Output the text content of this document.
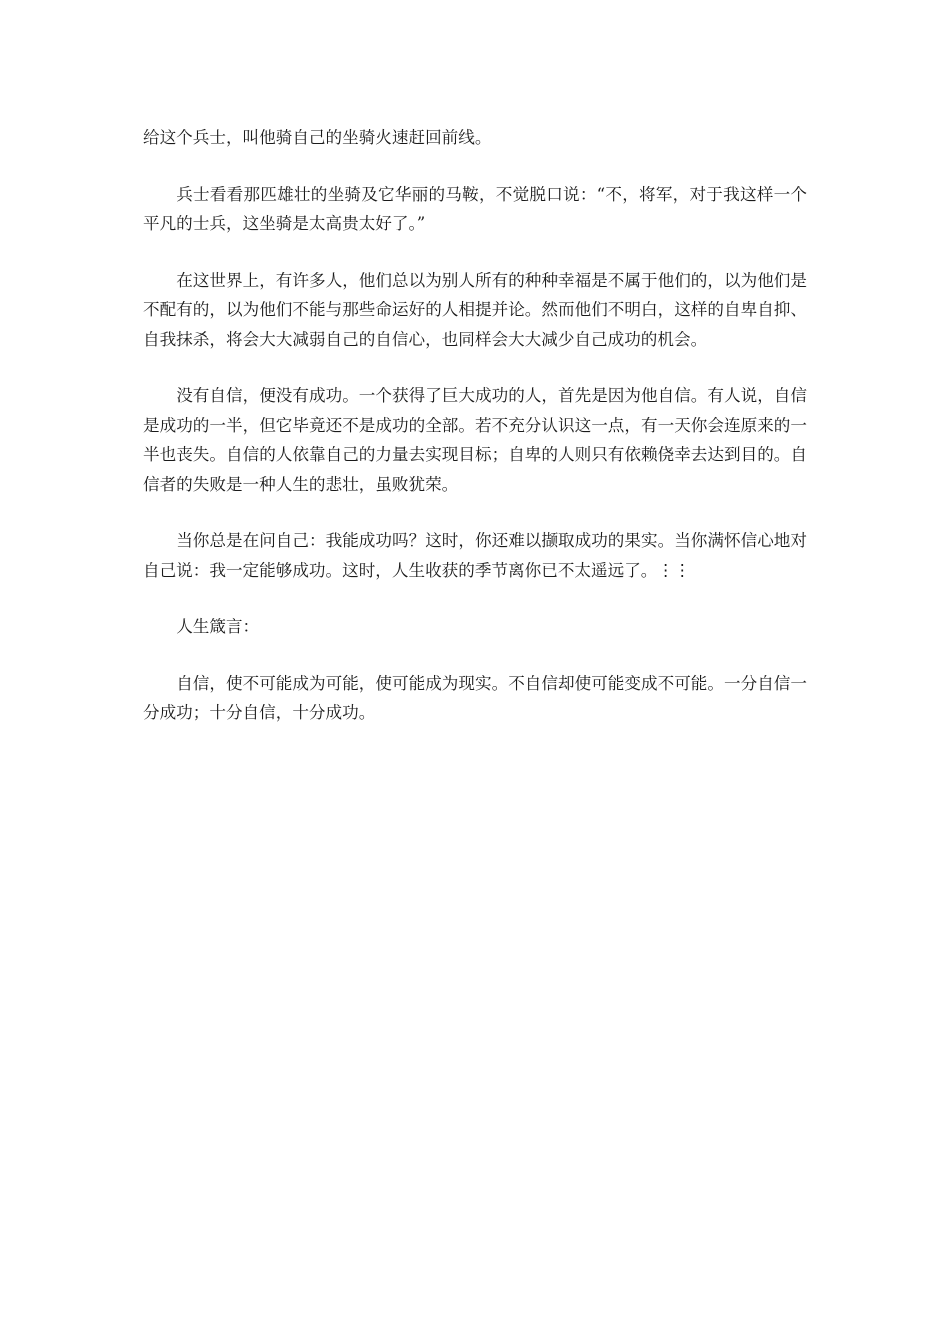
给这个兵士，叫他骑自己的坐骑火速赶回前线。

兵士看看那匹雄壮的坐骑及它华丽的马鞍，不觉脱口说：“不，将军，对于我这样一个平凡的士兵，这坐骑是太高贵太好了。”

在这世界上，有许多人，他们总以为别人所有的种种幸福是不属于他们的，以为他们是不配有的，以为他们不能与那些命运好的人相提并论。然而他们不明白，这样的自卑自抑、自我抹杀，将会大大减弱自己的自信心，也同样会大大减少自己成功的机会。

没有自信，便没有成功。一个获得了巨大成功的人，首先是因为他自信。有人说，自信是成功的一半，但它毕竟还不是成功的全部。若不充分认识这一点，有一天你会连原来的一半也丧失。自信的人依靠自己的力量去实现目标；自卑的人则只有依赖侥幸去达到目的。自信者的失败是一种人生的悲壮，虽败犹荣。

当你总是在问自己：我能成功吗？这时，你还难以撷取成功的果实。当你满怀信心地对自己说：我一定能够成功。这时，人生收获的季节离你已不太遥远了。⋮⋮

人生箴言：

自信，使不可能成为可能，使可能成为现实。不自信却使可能变成不可能。一分自信一分成功；十分自信，十分成功。
